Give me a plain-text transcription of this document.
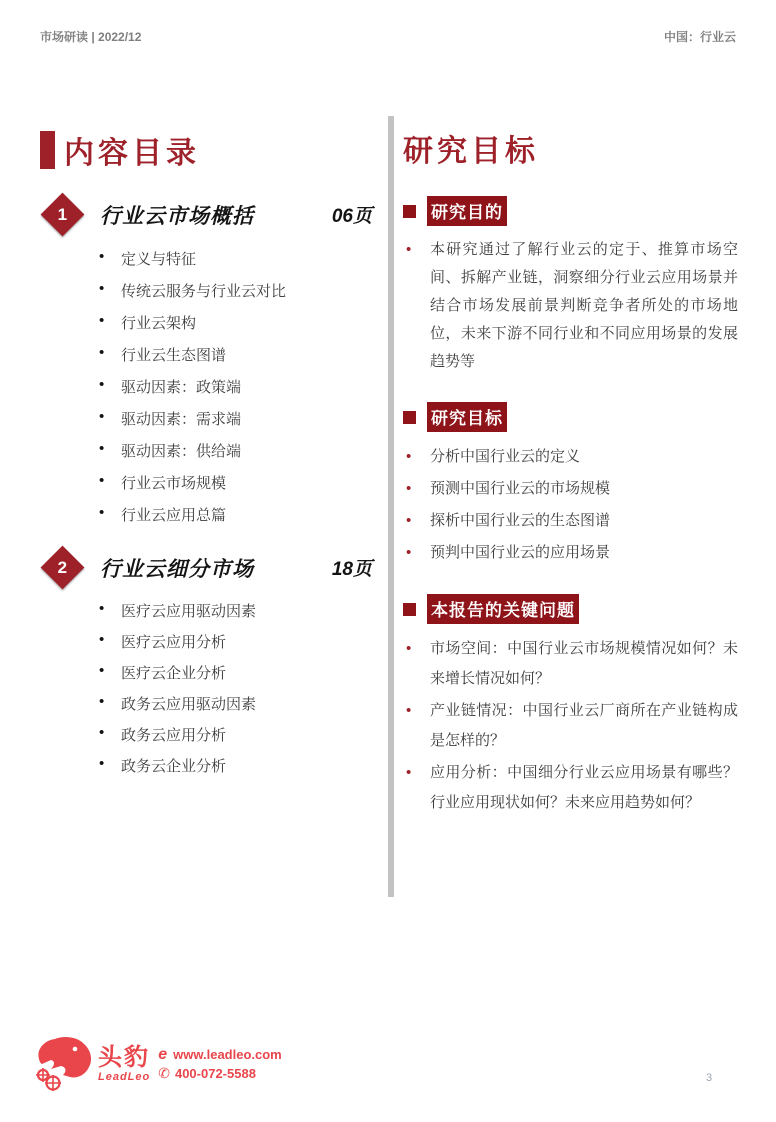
市场研读 | 2022/12	中国：行业云
内容目录
1 行业云市场概括	06页
• 定义与特征
• 传统云服务与行业云对比
• 行业云架构
• 行业云生态图谱
• 驱动因素：政策端
• 驱动因素：需求端
• 驱动因素：供给端
• 行业云市场规模
• 行业云应用总篇
2 行业云细分市场	18页
• 医疗云应用驱动因素
• 医疗云应用分析
• 医疗云企业分析
• 政务云应用驱动因素
• 政务云应用分析
• 政务云企业分析
研究目标
研究目的
• 本研究通过了解行业云的定于、推算市场空间、拆解产业链，洞察细分行业云应用场景并结合市场发展前景判断竞争者所处的市场地位，未来下游不同行业和不同应用场景的发展趋势等
研究目标
• 分析中国行业云的定义
• 预测中国行业云的市场规模
• 探析中国行业云的生态图谱
• 预判中国行业云的应用场景
本报告的关键问题
• 市场空间：中国行业云市场规模情况如何？未来增长情况如何？
• 产业链情况：中国行业云厂商所在产业链构成是怎样的？
• 应用分析：中国细分行业云应用场景有哪些？行业应用现状如何？未来应用趋势如何？
头豹
LeadLeo
e www.leadleo.com
✆ 400-072-5588	3
